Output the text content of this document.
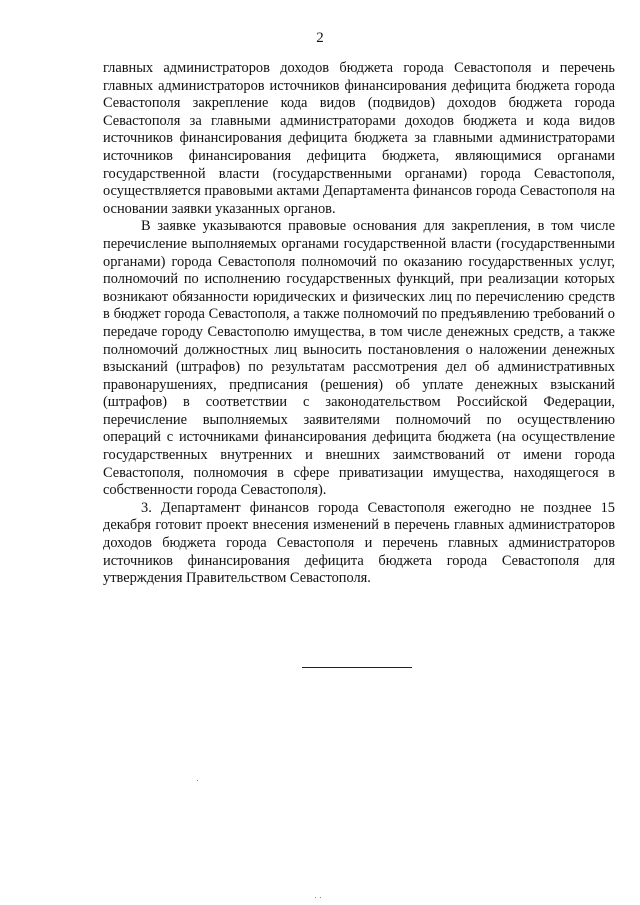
2

главных администраторов доходов бюджета города Севастополя и перечень главных администраторов источников финансирования дефицита бюджета города Севастополя закрепление кода видов (подвидов) доходов бюджета города Севастополя за главными администраторами доходов бюджета и кода видов источников финансирования дефицита бюджета за главными администраторами источников финансирования дефицита бюджета, являющимися органами государственной власти (государственными органами) города Севастополя, осуществляется правовыми актами Департамента финансов города Севастополя на основании заявки указанных органов.

В заявке указываются правовые основания для закрепления, в том числе перечисление выполняемых органами государственной власти (государственными органами) города Севастополя полномочий по оказанию государственных услуг, полномочий по исполнению государственных функций, при реализации которых возникают обязанности юридических и физических лиц по перечислению средств в бюджет города Севастополя, а также полномочий по предъявлению требований о передаче городу Севастополю имущества, в том числе денежных средств, а также полномочий должностных лиц выносить постановления о наложении денежных взысканий (штрафов) по результатам рассмотрения дел об административных правонарушениях, предписания (решения) об уплате денежных взысканий (штрафов) в соответствии с законодательством Российской Федерации, перечисление выполняемых заявителями полномочий по осуществлению операций с источниками финансирования дефицита бюджета (на осуществление государственных внутренних и внешних заимствований от имени города Севастополя, полномочия в сфере приватизации имущества, находящегося в собственности города Севастополя).

3. Департамент финансов города Севастополя ежегодно не позднее 15 декабря готовит проект внесения изменений в перечень главных администраторов доходов бюджета города Севастополя и перечень главных администраторов источников финансирования дефицита бюджета города Севастополя для утверждения Правительством Севастополя.
